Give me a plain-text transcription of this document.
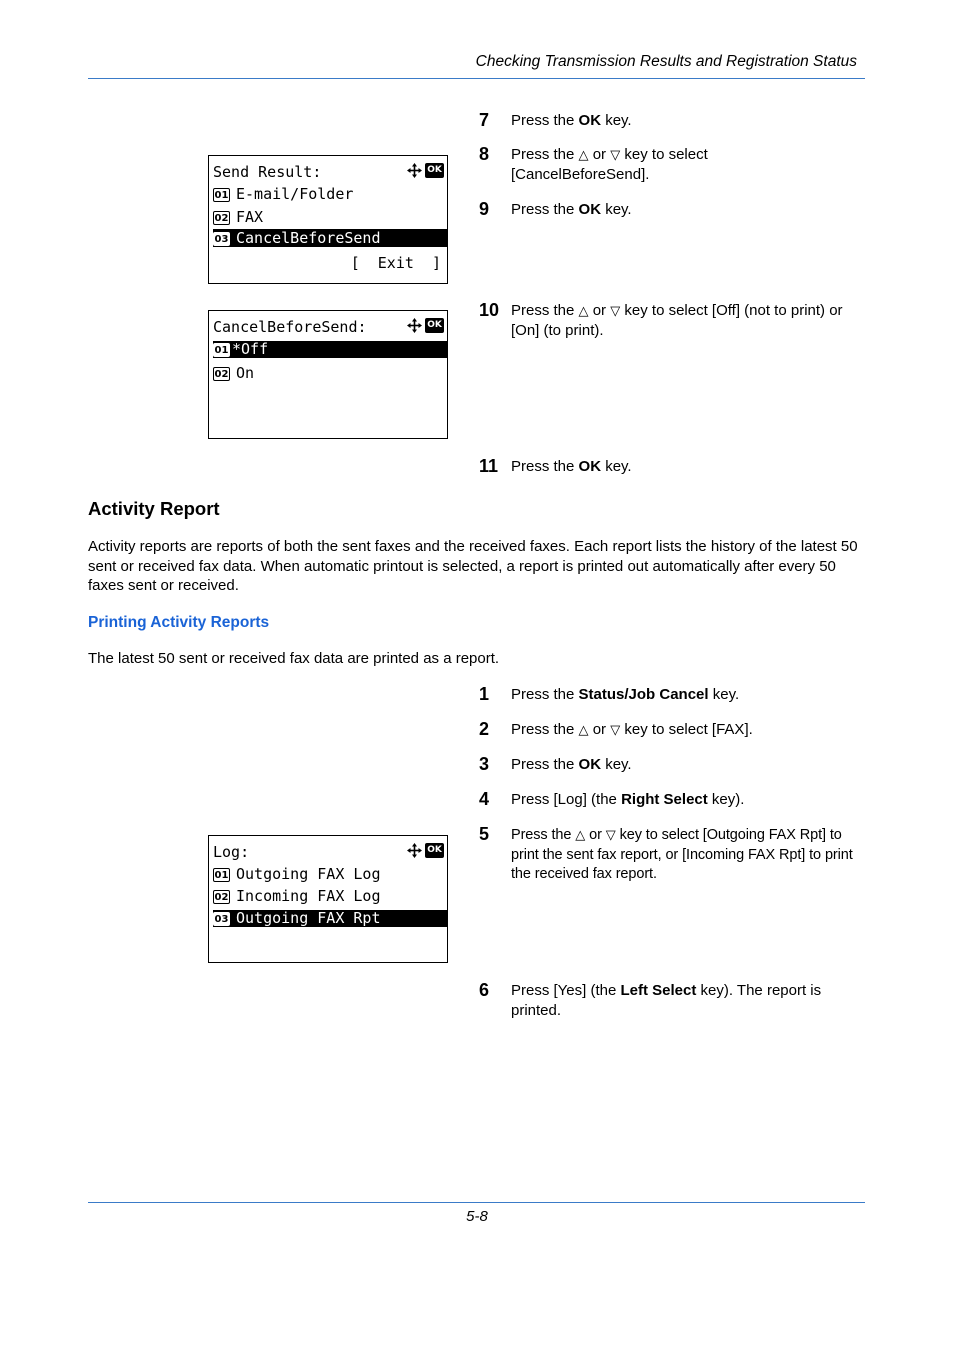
Checking Transmission Results and Registration Status
Send Result:	OK
01 E-mail/Folder
02 FAX
03 CancelBeforeSend
[  Exit  ]
CancelBeforeSend:	OK
01 *Off
02 On
7 Press the OK key.
8 Press the △ or ▽ key to select [CancelBeforeSend].
9 Press the OK key.
10 Press the △ or ▽ key to select [Off] (not to print) or [On] (to print).
11 Press the OK key.
Activity Report
Activity reports are reports of both the sent faxes and the received faxes. Each report lists the history of the latest 50 sent or received fax data. When automatic printout is selected, a report is printed out automatically after every 50 faxes sent or received.
Printing Activity Reports
The latest 50 sent or received fax data are printed as a report.
1 Press the Status/Job Cancel key.
2 Press the △ or ▽ key to select [FAX].
3 Press the OK key.
4 Press [Log] (the Right Select key).
5 Press the △ or ▽ key to select [Outgoing FAX Rpt] to print the sent fax report, or [Incoming FAX Rpt] to print the received fax report.
6 Press [Yes] (the Left Select key). The report is printed.
Log:	OK
01 Outgoing FAX Log
02 Incoming FAX Log
03 Outgoing FAX Rpt
5-8
